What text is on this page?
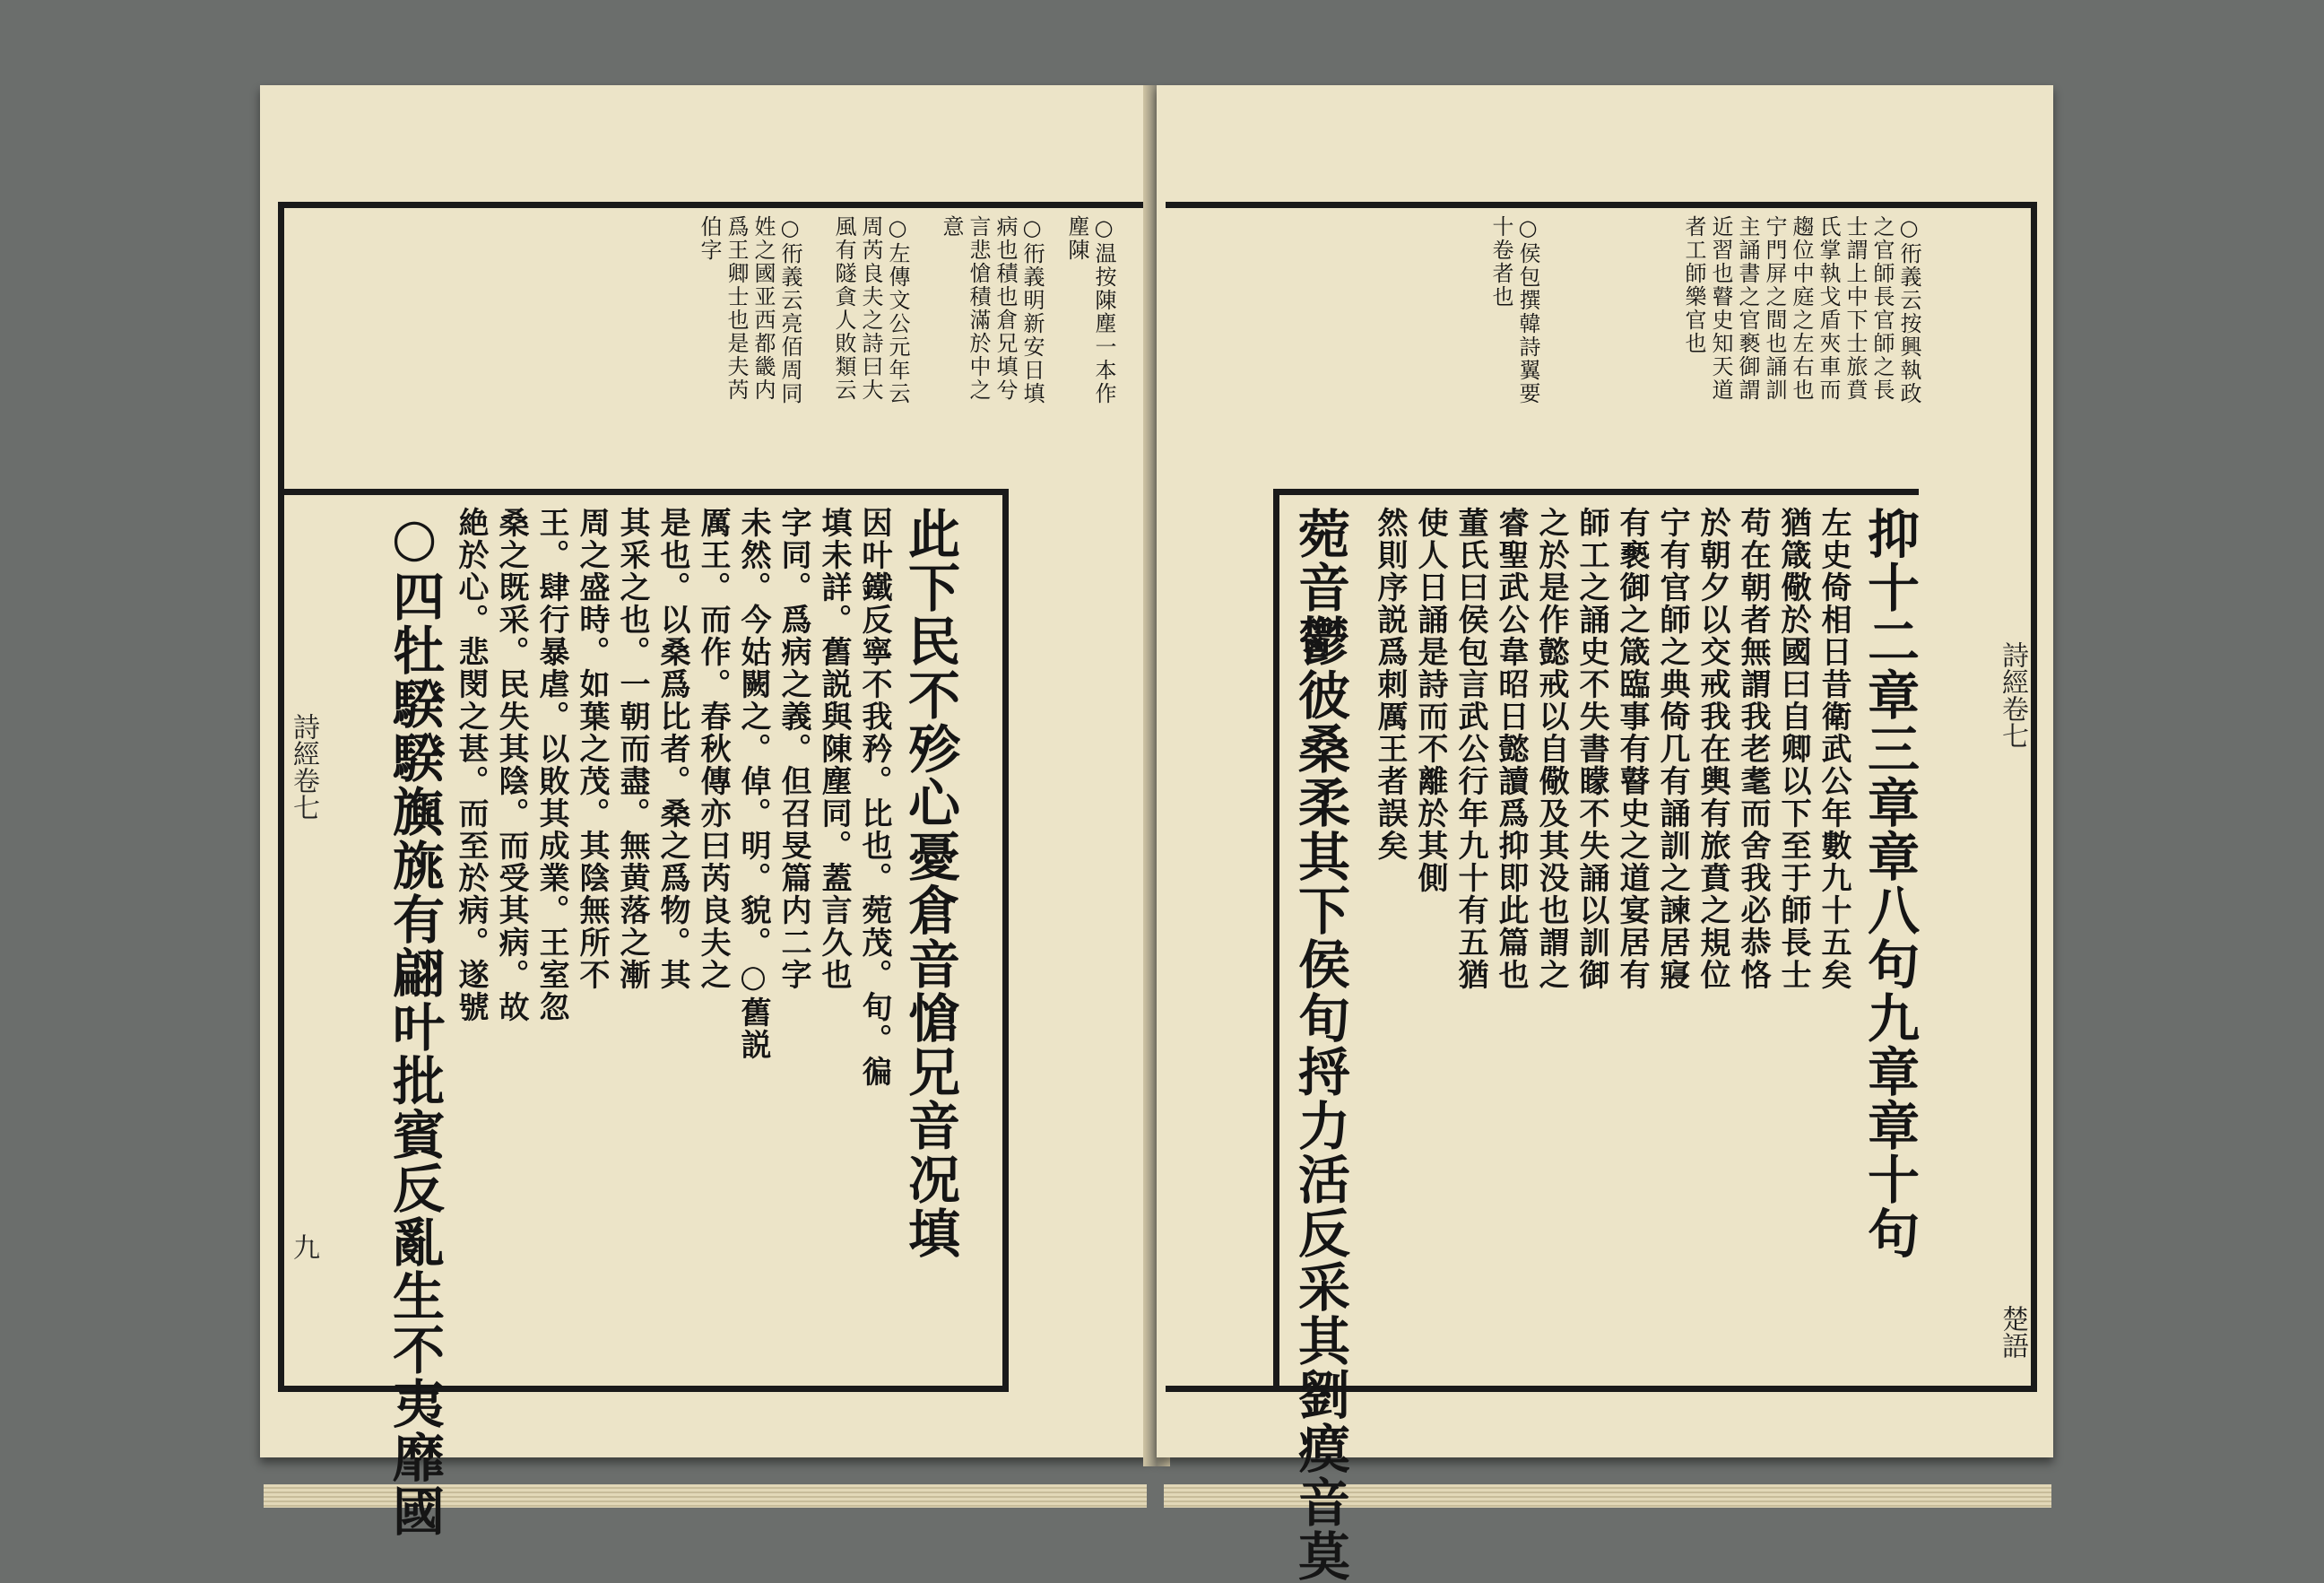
○温按陳塵一本作
塵陳
○衎義明新安日填
病也積也倉兄填兮
言悲愴積滿於中之
意
○左傳文公元年云
周芮良夫之詩曰大
風有隧貪人敗類云
○衎義云亮佰周同
姓之國亚西都畿内
爲王卿士也是夫芮
伯字
此下民不殄心憂倉音愴兄音况填
因叶鐵反寧不我矜。比也。菀茂。旬。徧
填未詳。舊説與陳塵同。蓋言久也
字同。爲病之義。但召旻篇内二字
未然。今姑闕之。倬。明。貌。○舊説
厲王。而作。春秋傳亦曰芮良夫之
是也。以桑爲比者。桑之爲物。其
其采之也。一朝而盡。無黄落之漸
周之盛時。如葉之茂。其陰無所不
王。肆行暴虐。以敗其成業。王室忽
桑之既采。民失其陰。而受其病。故
絶於心。悲閔之甚。而至於病。遂號
○四牡騤騤旟旐有翩叶批賓反亂生不夷靡國
詩經卷七
九
○衎義云按興執政
之官師長官師之長
士謂上中下士旅賁
氏掌執戈盾夾車而
趨位中庭之左右也
宁門屏之間也誦訓
主誦書之官褻御謂
近習也瞽史知天道
者工師樂官也
○侯包撰韓詩翼要
十卷者也
抑十二章三章章八句九章章十句
左史倚相日昔衛武公年數九十五矣
猶箴儆於國曰自卿以下至于師長士
苟在朝者無謂我老耄而舍我必恭恪
於朝夕以交戒我在輿有旅賁之規位
宁有官師之典倚几有誦訓之諫居寢
有褻御之箴臨事有瞽史之道宴居有
師工之誦史不失書矇不失誦以訓御
之於是作懿戒以自儆及其没也謂之
睿聖武公韋昭日懿讀爲抑即此篇也
董氏曰侯包言武公行年九十有五猶
使人日誦是詩而不離於其側
然則序説爲刺厲王者誤矣
菀音鬱彼桑柔其下侯旬捋力活反采其劉瘼音莫	楚語
詩經卷七
